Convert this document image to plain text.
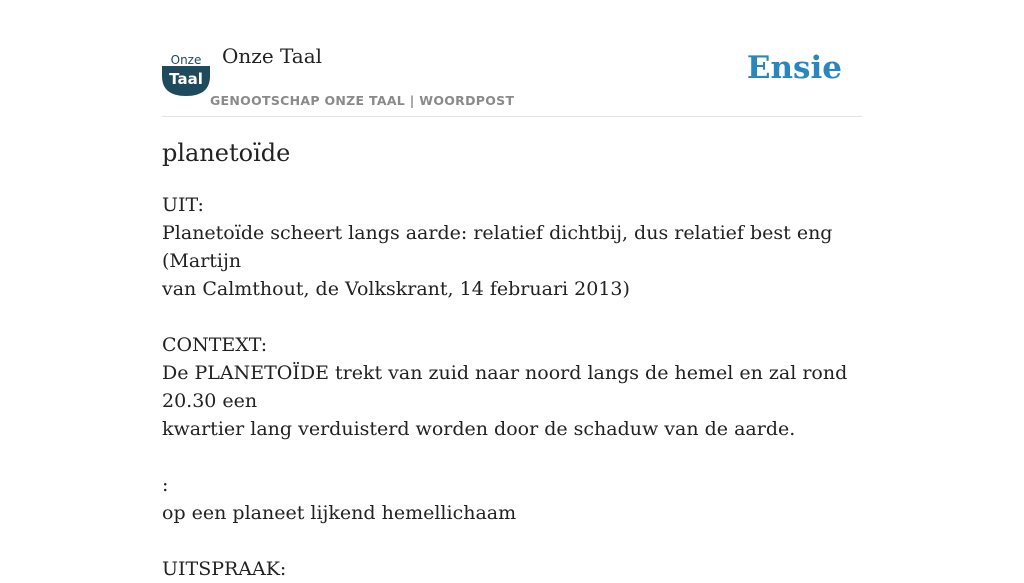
Onze
Taal
Onze Taal
GENOOTSCHAP ONZE TAAL | WOORDPOST
Ensie
planetoïde
UIT:
Planetoïde scheert langs aarde: relatief dichtbij, dus relatief best eng (Martijn
van Calmthout, de Volkskrant, 14 februari 2013)
CONTEXT:
De PLANETOÏDE trekt van zuid naar noord langs de hemel en zal rond 20.30 een
kwartier lang verduisterd worden door de schaduw van de aarde.
:
op een planeet lijkend hemellichaam
UITSPRAAK:
